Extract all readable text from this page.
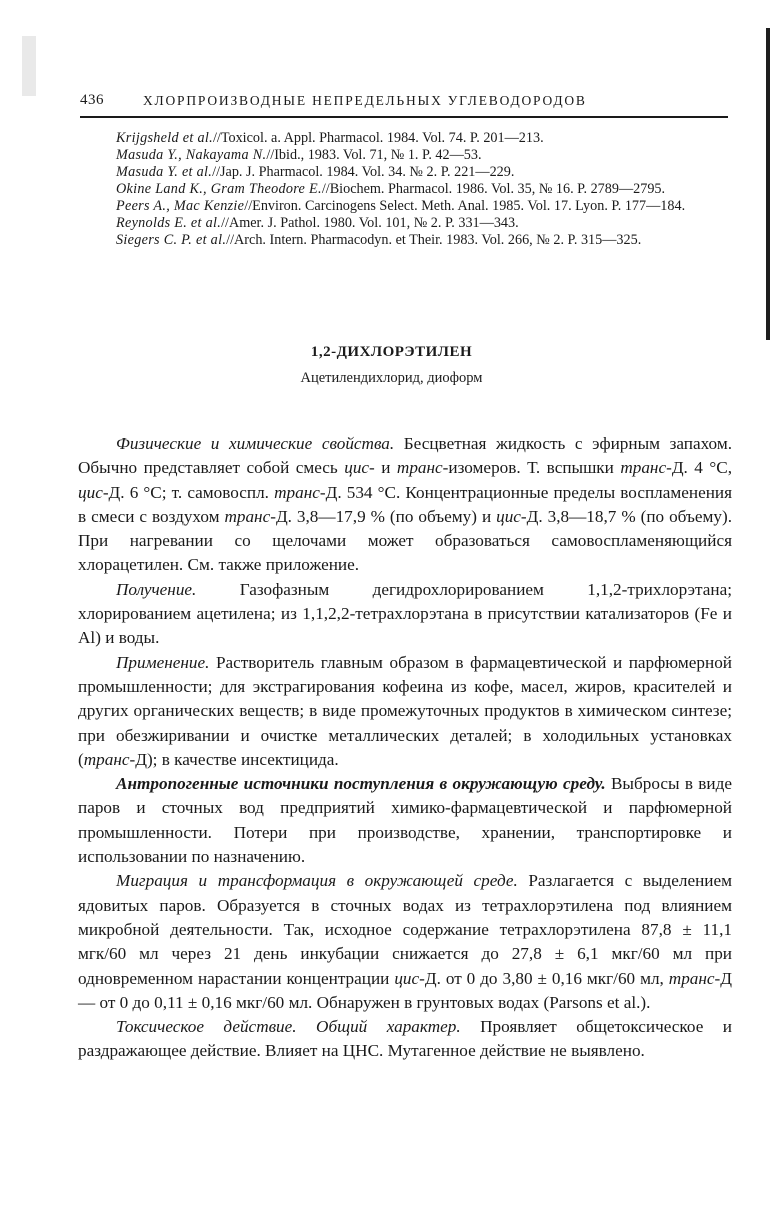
436	ХЛОРПРОИЗВОДНЫЕ НЕПРЕДЕЛЬНЫХ УГЛЕВОДОРОДОВ

Krijgsheld et al.//Toxicol. a. Appl. Pharmacol. 1984. Vol. 74. P. 201—213.

Masuda Y., Nakayama N.//Ibid., 1983. Vol. 71, № 1. P. 42—53.

Masuda Y. et al.//Jap. J. Pharmacol. 1984. Vol. 34. № 2. P. 221—229.

Okine Land K., Gram Theodore E.//Biochem. Pharmacol. 1986. Vol. 35, № 16. P. 2789—2795.

Peers A., Mac Kenzie//Environ. Carcinogens Select. Meth. Anal. 1985. Vol. 17. Lyon. P. 177—184.

Reynolds E. et al.//Amer. J. Pathol. 1980. Vol. 101, № 2. P. 331—343.

Siegers C. P. et al.//Arch. Intern. Pharmacodyn. et Their. 1983. Vol. 266, № 2. P. 315—325.

1,2-ДИХЛОРЭТИЛЕН
Ацетилендихлорид, диоформ

Физические и химические свойства. Бесцветная жидкость с эфирным запахом. Обычно представляет собой смесь цис- и транс-изомеров. Т. вспышки транс-Д. 4 °С, цис-Д. 6 °С; т. самовоспл. транс-Д. 534 °С. Концентрационные пределы воспламенения в смеси с воздухом транс-Д. 3,8—17,9 % (по объему) и цис-Д. 3,8—18,7 % (по объему). При нагревании со щелочами может образоваться самовоспламеняющийся хлорацетилен. См. также приложение.

Получение. Газофазным дегидрохлорированием 1,1,2-трихлорэтана; хлорированием ацетилена; из 1,1,2,2-тетрахлорэтана в присутствии катализаторов (Fe и Al) и воды.

Применение. Растворитель главным образом в фармацевтической и парфюмерной промышленности; для экстрагирования кофеина из кофе, масел, жиров, красителей и других органических веществ; в виде промежуточных продуктов в химическом синтезе; при обезжиривании и очистке металлических деталей; в холодильных установках (транс-Д); в качестве инсектицида.

Антропогенные источники поступления в окружающую среду. Выбросы в виде паров и сточных вод предприятий химико-фармацевтической и парфюмерной промышленности. Потери при производстве, хранении, транспортировке и использовании по назначению.

Миграция и трансформация в окружающей среде. Разлагается с выделением ядовитых паров. Образуется в сточных водах из тетрахлорэтилена под влиянием микробной деятельности. Так, исходное содержание тетрахлорэтилена 87,8 ± 11,1 мгк/60 мл через 21 день инкубации снижается до 27,8 ± 6,1 мкг/60 мл при одновременном нарастании концентрации цис-Д. от 0 до 3,80 ± 0,16 мкг/60 мл, транс-Д — от 0 до 0,11 ± 0,16 мкг/60 мл. Обнаружен в грунтовых водах (Parsons et al.).

Токсическое действие. Общий характер. Проявляет общетоксическое и раздражающее действие. Влияет на ЦНС. Мутагенное действие не выявлено.
